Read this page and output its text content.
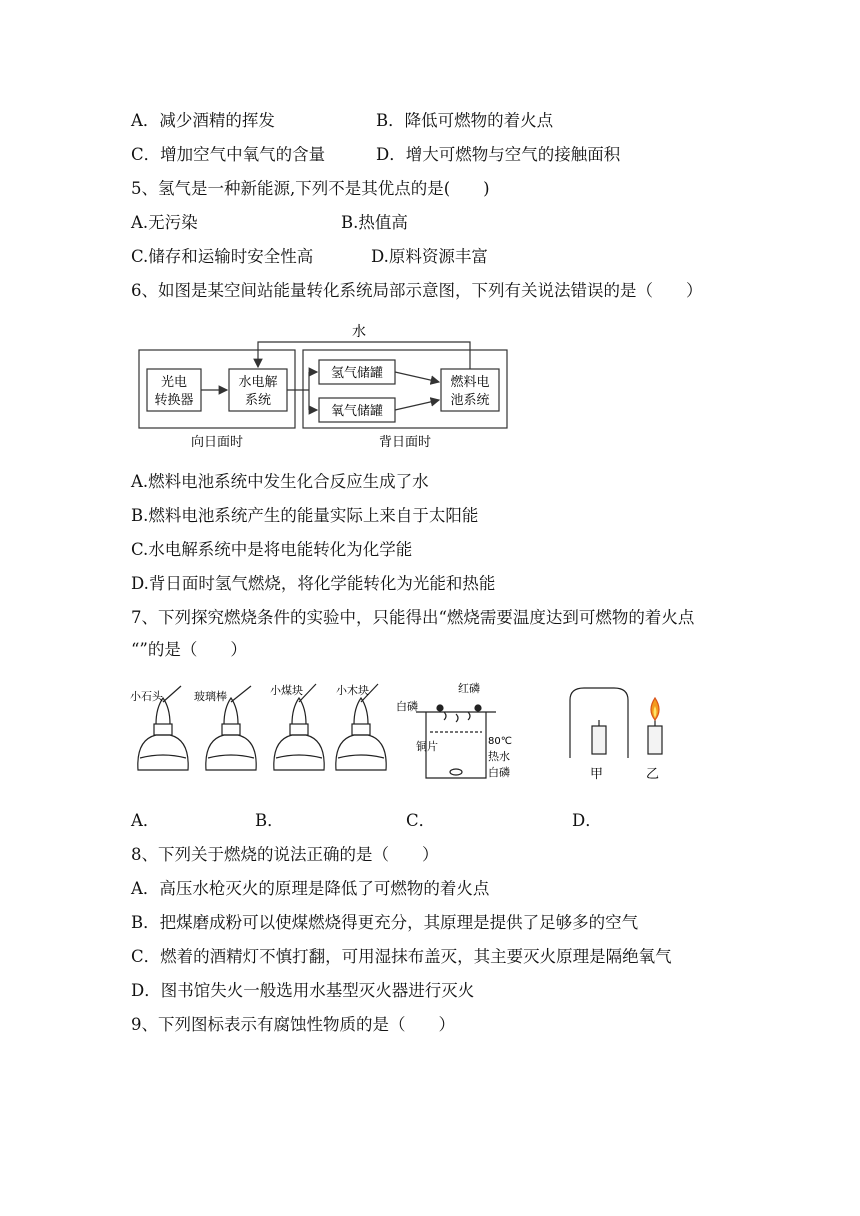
A．减少酒精的挥发	B．降低可燃物的着火点
C．增加空气中氧气的含量	D．增大可燃物与空气的接触面积
5、氢气是一种新能源,下列不是其优点的是(　　)
A.无污染	B.热值高
C.储存和运输时安全性高	D.原料资源丰富
6、如图是某空间站能量转化系统局部示意图，下列有关说法错误的是（　　）
水
光电
转换器
水电解
系统
氢气储罐
氧气储罐
燃料电
池系统
向日面时	背日面时
A.燃料电池系统中发生化合反应生成了水
B.燃料电池系统产生的能量实际上来自于太阳能
C.水电解系统中是将电能转化为化学能
D.背日面时氢气燃烧，将化学能转化为光能和热能
7、下列探究燃烧条件的实验中，只能得出“燃烧需要温度达到可燃物的着火点
“”的是（　　）
小石头	玻璃棒	小煤块	小木块	红磷
白磷
铜片	80℃
热水
白磷	甲	乙
A．	B．	C．	D．
8、下列关于燃烧的说法正确的是（　　）
A．高压水枪灭火的原理是降低了可燃物的着火点
B．把煤磨成粉可以使煤燃烧得更充分，其原理是提供了足够多的空气
C．燃着的酒精灯不慎打翻，可用湿抹布盖灭，其主要灭火原理是隔绝氧气
D．图书馆失火一般选用水基型灭火器进行灭火
9、下列图标表示有腐蚀性物质的是（　　）
